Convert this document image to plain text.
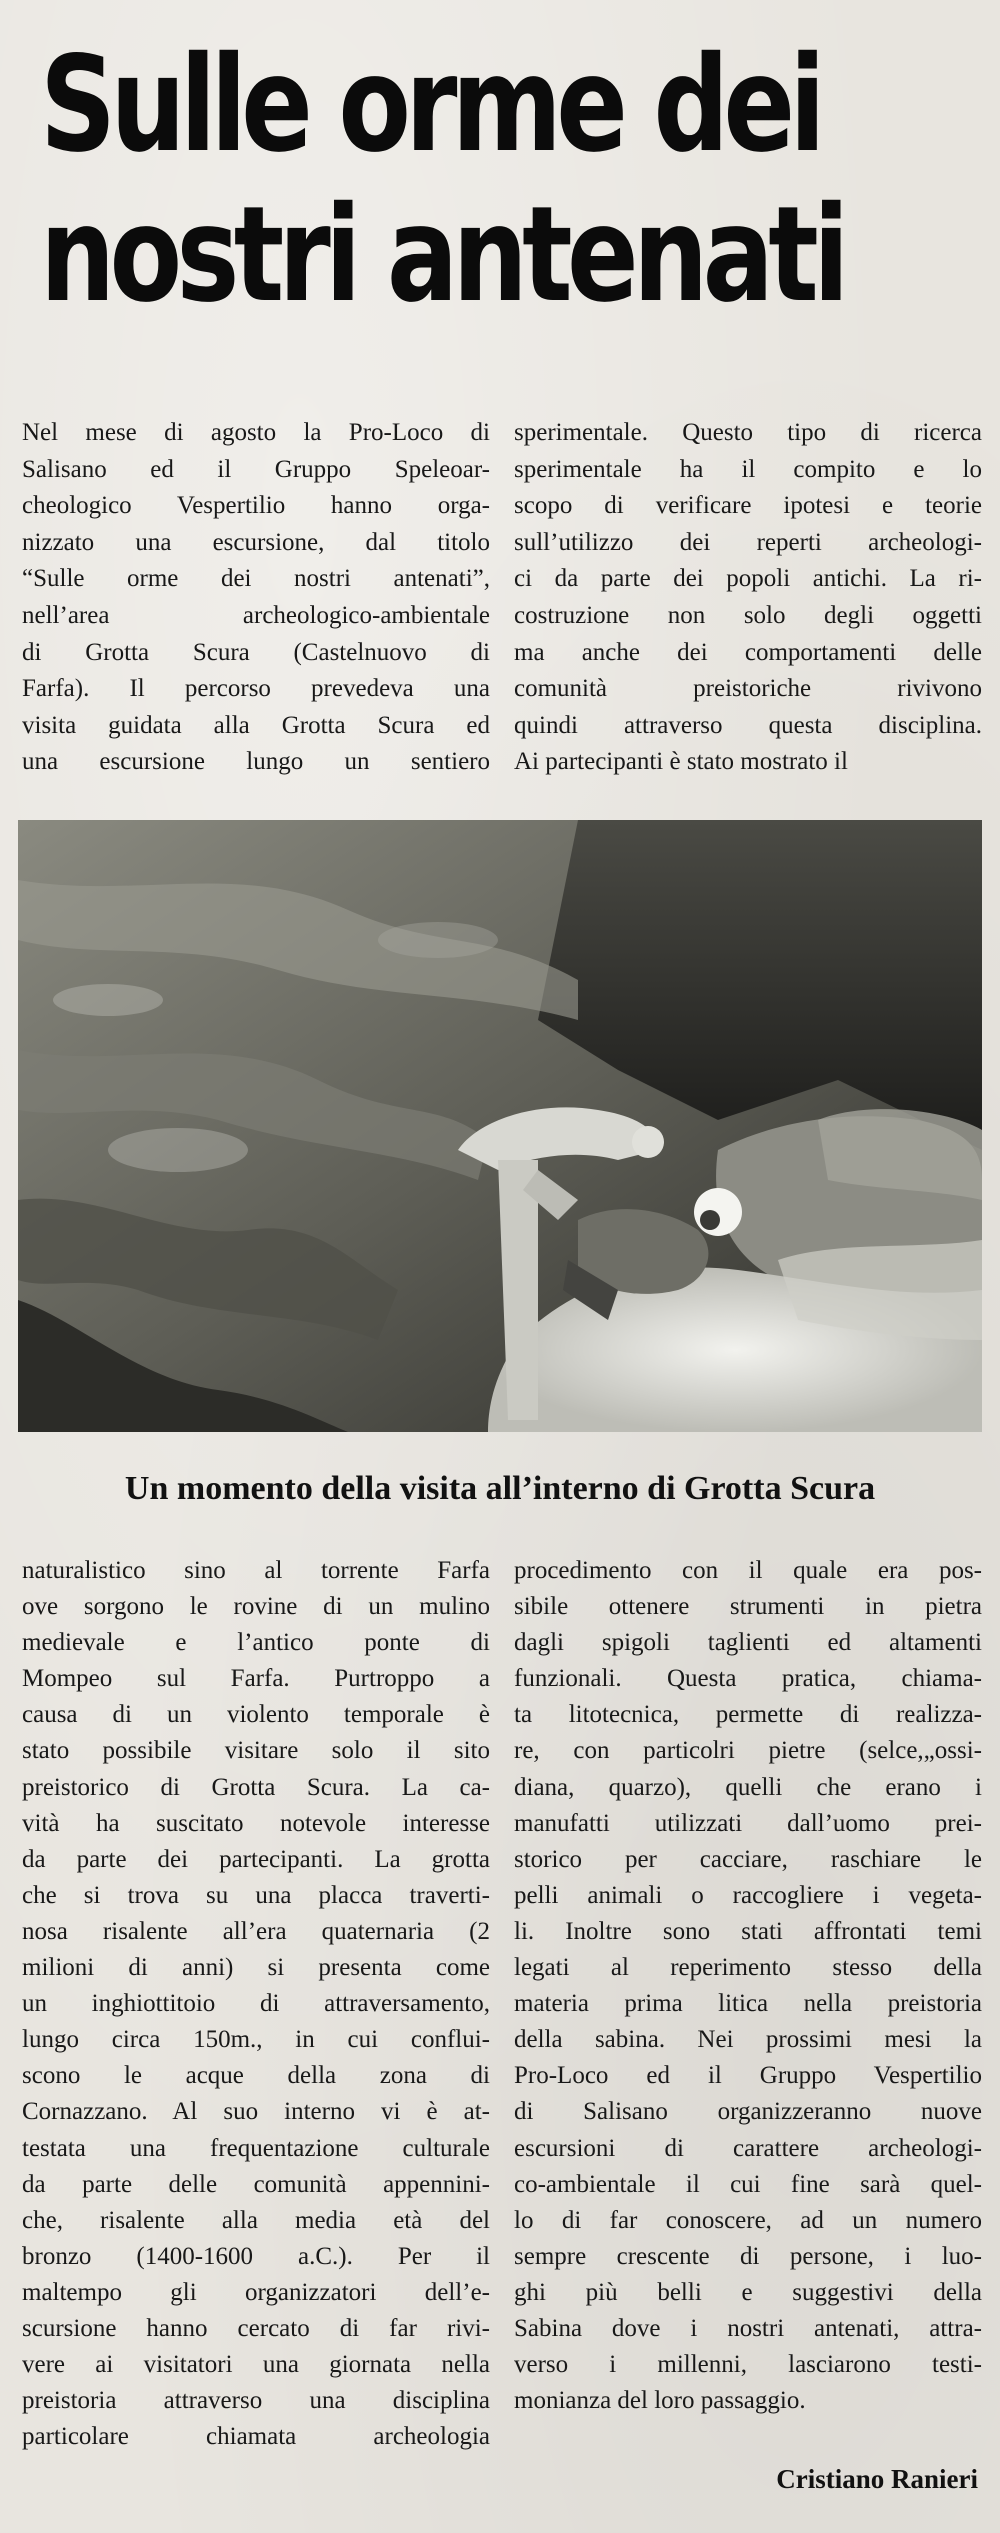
Sulle orme dei
nostri antenati
Nel mese di agosto la Pro-Loco di
Salisano ed il Gruppo Speleoar-
cheologico Vespertilio hanno orga-
nizzato una escursione, dal titolo
“Sulle orme dei nostri antenati”,
nell’area archeologico-ambientale
di Grotta Scura (Castelnuovo di
Farfa). Il percorso prevedeva una
visita guidata alla Grotta Scura ed
una escursione lungo un sentiero
sperimentale. Questo tipo di ricerca
sperimentale ha il compito e lo
scopo di verificare ipotesi e teorie
sull’utilizzo dei reperti archeologi-
ci da parte dei popoli antichi. La ri-
costruzione non solo degli oggetti
ma anche dei comportamenti delle
comunità preistoriche rivivono
quindi attraverso questa disciplina.
Ai partecipanti è stato mostrato il
Un momento della visita all’interno di Grotta Scura
naturalistico sino al torrente Farfa
ove sorgono le rovine di un mulino
medievale e l’antico ponte di
Mompeo sul Farfa. Purtroppo a
causa di un violento temporale è
stato possibile visitare solo il sito
preistorico di Grotta Scura. La ca-
vità ha suscitato notevole interesse
da parte dei partecipanti. La grotta
che si trova su una placca traverti-
nosa risalente all’era quaternaria (2
milioni di anni) si presenta come
un inghiottitoio di attraversamento,
lungo circa 150m., in cui conflui-
scono le acque della zona di
Cornazzano. Al suo interno vi è at-
testata una frequentazione culturale
da parte delle comunità appennini-
che, risalente alla media età del
bronzo (1400-1600 a.C.). Per il
maltempo gli organizzatori dell’e-
scursione hanno cercato di far rivi-
vere ai visitatori una giornata nella
preistoria attraverso una disciplina
particolare chiamata archeologia
procedimento con il quale era pos-
sibile ottenere strumenti in pietra
dagli spigoli taglienti ed altamenti
funzionali. Questa pratica, chiama-
ta litotecnica, permette di realizza-
re, con particolri pietre (selce,„ossi-
diana, quarzo), quelli che erano i
manufatti utilizzati dall’uomo prei-
storico per cacciare, raschiare le
pelli animali o raccogliere i vegeta-
li. Inoltre sono stati affrontati temi
legati al reperimento stesso della
materia prima litica nella preistoria
della sabina. Nei prossimi mesi la
Pro-Loco ed il Gruppo Vespertilio
di Salisano organizzeranno nuove
escursioni di carattere archeologi-
co-ambientale il cui fine sarà quel-
lo di far conoscere, ad un numero
sempre crescente di persone, i luo-
ghi più belli e suggestivi della
Sabina dove i nostri antenati, attra-
verso i millenni, lasciarono testi-
monianza del loro passaggio.
Cristiano Ranieri
